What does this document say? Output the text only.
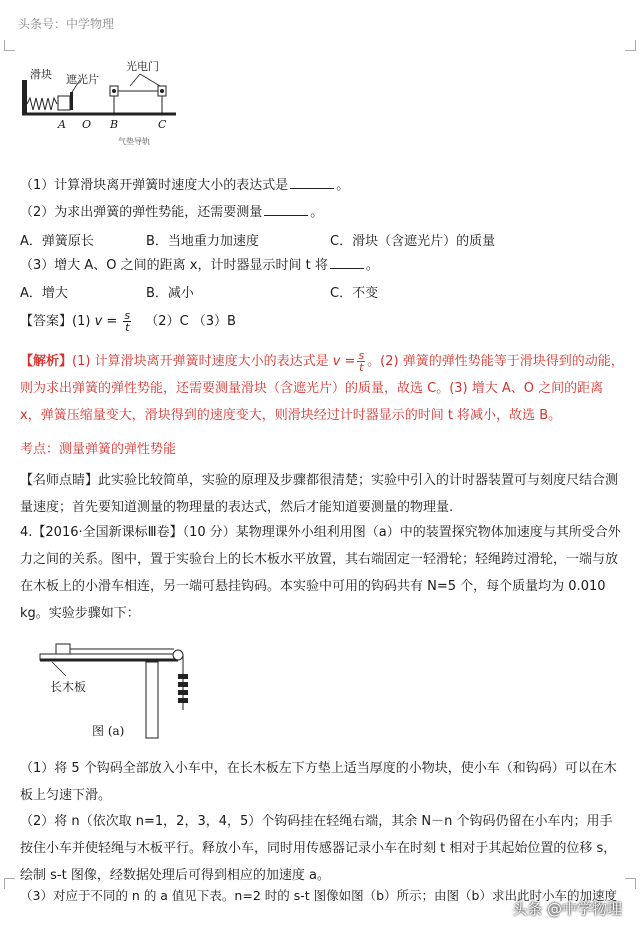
头条号：中学物理
滑块 遮光片
光电门
A O B	C
气垫导轨
（1）计算滑块离开弹簧时速度大小的表达式是	。
（2）为求出弹簧的弹性势能，还需要测量	。
A．弹簧原长	B．当地重力加速度	C．滑块（含遮光片）的质量
（3）增大 A、O 之间的距离 x，计时器显示时间 t 将	。
A．增大	B．减小	C．不变
【答案】(1) $v = \frac{s}{t} (2)C$ （3）B
【解析】(1) 计算滑块离开弹簧时速度大小的表达式是 $v = \frac{s}{t}$ 。(2) 弹簧的弹性势能等于滑块得到的动能，则为求出弹簧的弹性势能，还需要测量滑块（含遮光片）的质量，故选 C。(3) 增大 A、O 之间的距离 x，弹簧压缩量变大，滑块得到的速度变大，则滑块经过计时器显示的时间 t 将减小，故选 B。
考点：测量弹簧的弹性势能
【名师点睛】此实验比较简单，实验的原理及步骤都很清楚；实验中引入的计时器装置可与刻度尺结合测量速度；首先要知道测量的物理量的表达式，然后才能知道要测量的物理量.
4.【2016·全国新课标Ⅲ卷】（10 分）某物理课外小组利用图（a）中的装置探究物体加速度与其所受合外力之间的关系。图中，置于实验台上的长木板水平放置，其右端固定一轻滑轮；轻绳跨过滑轮，一端与放在木板上的小滑车相连，另一端可悬挂钩码。本实验中可用的钩码共有 N=5 个，每个质量均为 0.010 kg。实验步骤如下：
长木板
图 (a)
（1）将 5 个钩码全部放入小车中，在长木板左下方垫上适当厚度的小物块，使小车（和钩码）可以在木板上匀速下滑。
（2）将 n（依次取 n=1，2，3，4，5）个钩码挂在轻绳右端，其余 N－n 个钩码仍留在小车内；用手按住小车并使轻绳与木板平行。释放小车，同时用传感器记录小车在时刻 t 相对于其起始位置的位移 s，绘制 s-t 图像，经数据处理后可得到相应的加速度 a。
（3）对应于不同的 n 的 a 值见下表。n=2 时的 s-t 图像如图（b）所示；由图（b）求出此时小车的加速度
头条 @中学物理
